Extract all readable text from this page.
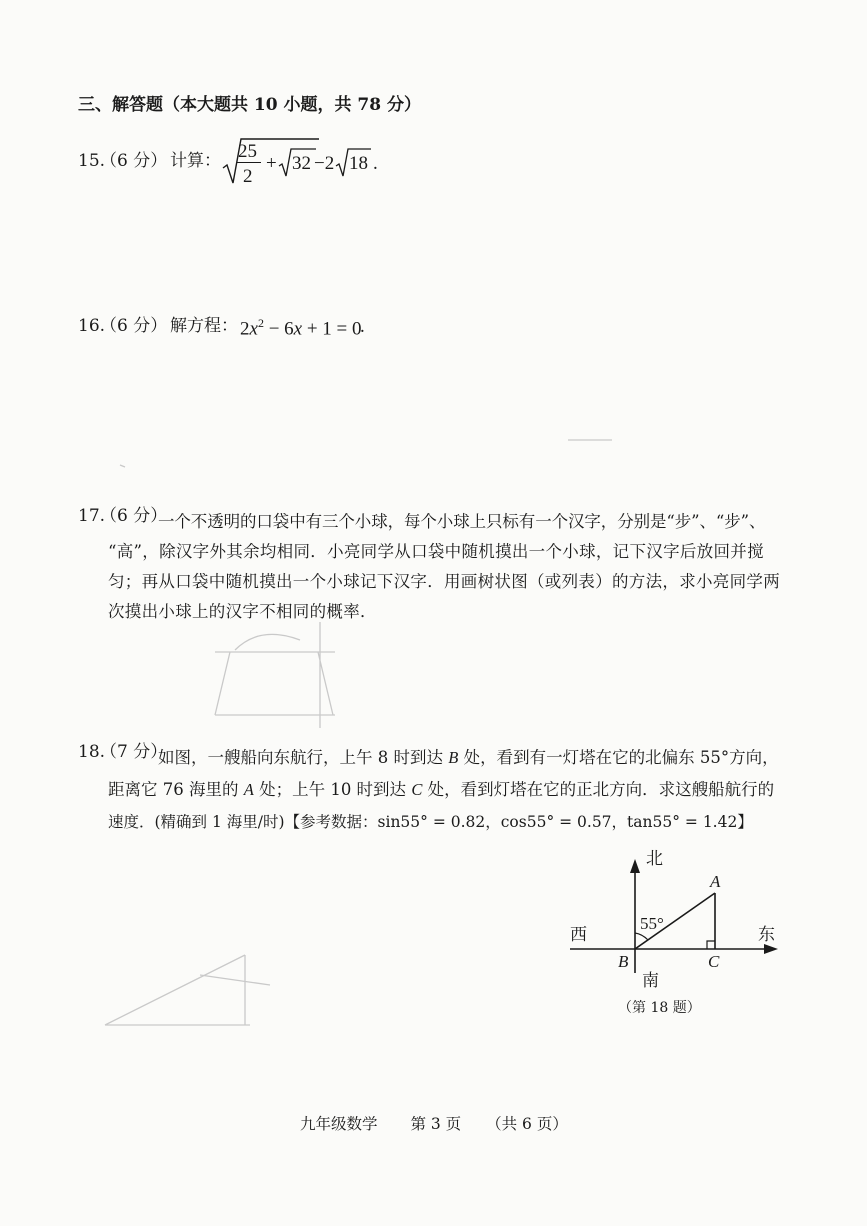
三、解答题（本大题共 10 小题，共 78 分）
15.
（6 分） 计算： 25
2
+ 32 −2 18 .
16.
（6 分） 解方程： $2x^2 - 6x + 1 = 0$
.
17.
（6 分）
一个不透明的口袋中有三个小球，每个小球上只标有一个汉字，分别是“步”、“步”、
“高”，除汉字外其余均相同．小亮同学从口袋中随机摸出一个小球，记下汉字后放回并搅
匀；再从口袋中随机摸出一个小球记下汉字．用画树状图（或列表）的方法，求小亮同学两
次摸出小球上的汉字不相同的概率．
18.
（7 分）
如图，一艘船向东航行，上午 8 时到达 B 处，看到有一灯塔在它的北偏东 55°方向，
距离它 76 海里的 A 处；上午 10 时到达 C 处，看到灯塔在它的正北方向．求这艘船航行的
速度．(精确到 1 海里/时)【参考数据：sin55° = 0.82，cos55° = 0.57，tan55° = 1.42】
北
A
55°
西	东
B
南
C
（第 18 题）
九年级数学 第 3 页 （共 6 页）
